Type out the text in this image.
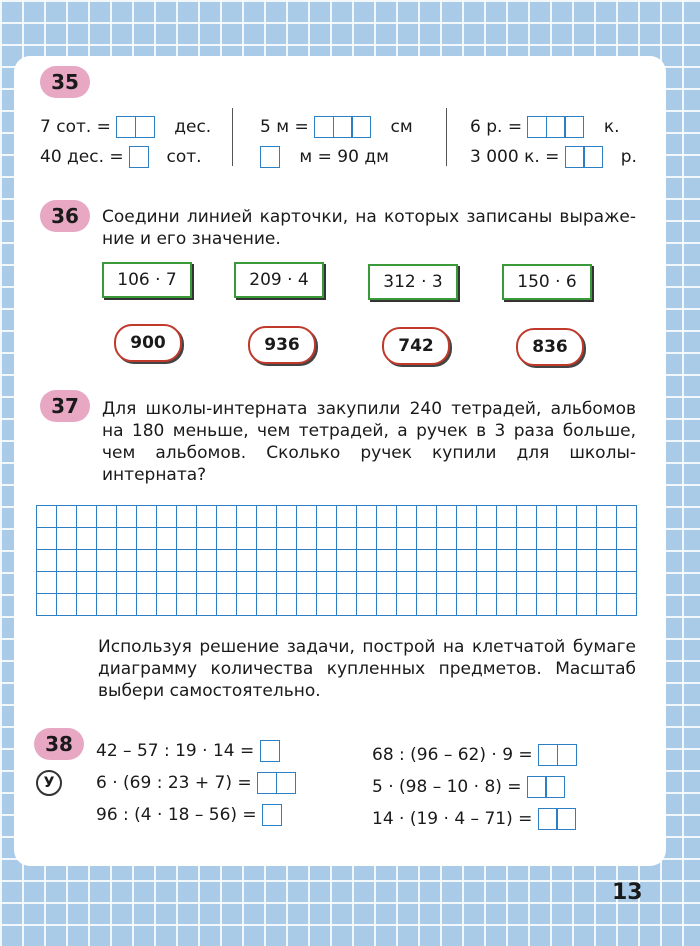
35
7 сот. =	дес.
40 дес. =	сот.
5 м =	см
м = 90 дм
6 р. =	к.
3 000 к. =	р.
36	Соедини линией карточки, на которых записаны выраже-ние и его значение.
106 · 7	209 · 4	312 · 3	150 · 6
900	936	742	836
37	Для школы-интерната закупили 240 тетрадей, альбомов на 180 меньше, чем тетрадей, а ручек в 3 раза больше, чем альбомов. Сколько ручек купили для школы-интерната?
Используя решение задачи, построй на клетчатой бумаге диаграмму количества купленных предметов. Масштаб выбери самостоятельно.
38
У
42 – 57 : 19 · 14 =
6 · (69 : 23 + 7) =
96 : (4 · 18 – 56) =
68 : (96 – 62) · 9 =
5 · (98 – 10 · 8) =
14 · (19 · 4 – 71) =
13
